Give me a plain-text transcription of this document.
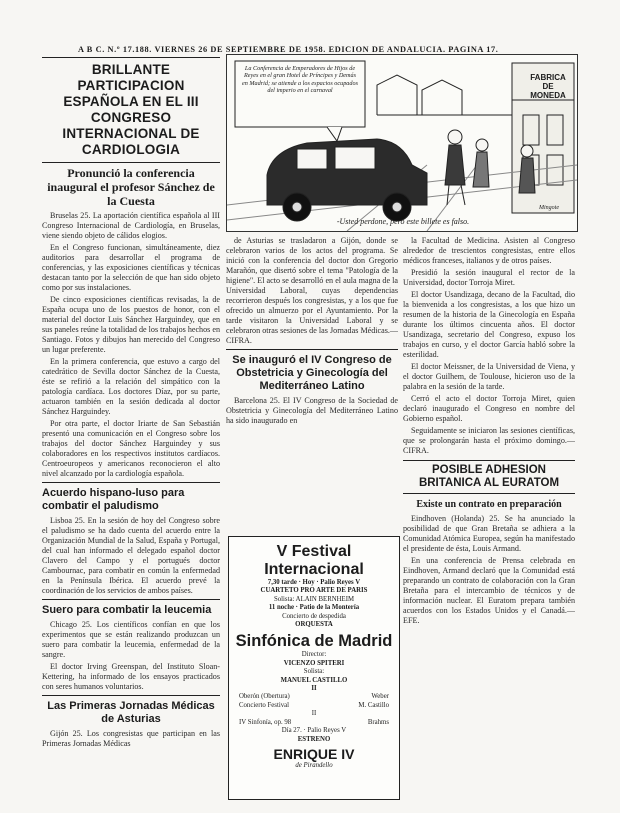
A B C. N.º 17.188. VIERNES 26 DE SEPTIEMBRE DE 1958. EDICION DE ANDALUCIA. PAGINA 17.
BRILLANTE PARTICIPACION ESPAÑOLA EN EL III CONGRESO INTERNACIONAL DE CARDIOLOGIA
Pronunció la conferencia inaugural el profesor Sánchez de la Cuesta

Bruselas 25. La aportación científica española al III Congreso Internacional de Cardiología, en Bruselas, viene siendo objeto de cálidos elogios.

En el Congreso funcionan, simultáneamente, diez auditorios para desarrollar el programa de conferencias, y las exposiciones científicas y técnicas destacan tanto por la selección de que han sido objeto como por sus instalaciones.

De cinco exposiciones científicas revisadas, la de España ocupa uno de los puestos de honor, con el material del doctor Luis Sánchez Harguindey, que en sus paneles reúne la totalidad de los trabajos hechos en Santiago. Fotos y dibujos han merecido del Congreso un lugar preferente.

En la primera conferencia, que estuvo a cargo del catedrático de Sevilla doctor Sánchez de la Cuesta, éste se refirió a la relación del simpático con la patología cardíaca. Los doctores Díaz, por su parte, actuaron también en la sesión dedicada al doctor Sánchez Harguindey.

Por otra parte, el doctor Iriarte de San Sebastián presentó una comunicación en el Congreso sobre los trabajos del doctor Sánchez Harguindey y sus colaboradores en los respectivos institutos cardíacos. Centroeuropeos y americanos reconocieron el alto nivel alcanzado por la cardiología española.

Acuerdo hispano-luso para combatir el paludismo

Lisboa 25. En la sesión de hoy del Congreso sobre el paludismo se ha dado cuenta del acuerdo entre la Organización Mundial de la Salud, España y Portugal, del cual han informado el delegado español doctor Clavero del Campo y el portugués doctor Cambournac, para combatir en común la enfermedad en la Península Ibérica. El acuerdo prevé la coordinación de los servicios de ambos países.

Suero para combatir la leucemia

Chicago 25. Los científicos confían en que los experimentos que se están realizando produzcan un suero para combatir la leucemia, enfermedad de la sangre.

El doctor Irving Greenspan, del Instituto Sloan-Kettering, ha informado de los ensayos practicados con seres humanos voluntarios.

Las Primeras Jornadas Médicas de Asturias

Gijón 25. Los congresistas que participan en las Primeras Jornadas Médicas

La Conferencia de Emperadores de Hijos de Reyes en el gran Hotel de Príncipes y Demás en Madrid; se atiende a los espacios ocupados del imperio en el carnaval
FABRICA DE MONEDA
Mingote
-Usted perdone, pero este billete es falso.

de Asturias se trasladaron a Gijón, donde se celebraron varios de los actos del programa. Se inició con la conferencia del doctor don Gregorio Marañón, que disertó sobre el tema "Patología de la higiene". El acto se desarrolló en el aula magna de la Universidad Laboral, cuyas dependencias recorrieron después los congresistas, y a los que fue ofrecido un almuerzo por el Ayuntamiento. Por la tarde visitaron la Universidad Laboral y se celebraron otras sesiones de las Jornadas Médicas.—CIFRA.

Se inauguró el IV Congreso de Obstetricia y Ginecología del Mediterráneo Latino

Barcelona 25. El IV Congreso de la Sociedad de Obstetricia y Ginecología del Mediterráneo Latino ha sido inaugurado en

V Festival Internacional
7,30 tarde · Hoy · Palio Reyes V
CUARTETO PRO ARTE DE PARIS
Solista: ALAIN BERNHEIM
11 noche · Patio de la Montería
Concierto de despedida
ORQUESTA
Sinfónica de Madrid
Director:
VICENZO SPITERI
Solista:
MANUEL CASTILLO
II
Oberón (Obertura)	Weber
Concierto Festival	M. Castillo
II
IV Sinfonía, op. 98	Brahms
Día 27. · Palio Reyes V
ESTRENO
ENRIQUE IV
de Pirandello

la Facultad de Medicina. Asisten al Congreso alrededor de trescientos congresistas, entre ellos médicos franceses, italianos y de otros países.

Presidió la sesión inaugural el rector de la Universidad, doctor Torroja Miret.

El doctor Usandizaga, decano de la Facultad, dio la bienvenida a los congresistas, a los que hizo un resumen de la historia de la Ginecología en España durante los últimos cincuenta años. El doctor Usandizaga, secretario del Congreso, expuso los trabajos en curso, y el doctor García habló sobre la esterilidad.

El doctor Meissner, de la Universidad de Viena, y el doctor Guilhem, de Toulouse, hicieron uso de la palabra en la sesión de la tarde.

Cerró el acto el doctor Torroja Miret, quien declaró inaugurado el Congreso en nombre del Gobierno español.

Seguidamente se iniciaron las sesiones científicas, que se prolongarán hasta el próximo domingo.—CIFRA.

POSIBLE ADHESION BRITANICA AL EURATOM
Existe un contrato en preparación

Eindhoven (Holanda) 25. Se ha anunciado la posibilidad de que Gran Bretaña se adhiera a la Comunidad Atómica Europea, según ha manifestado el presidente de ésta, Louis Armand.

En una conferencia de Prensa celebrada en Eindhoven, Armand declaró que la Comunidad está preparando un contrato de colaboración con la Gran Bretaña para el intercambio de técnicos y de información nuclear. El Euratom prepara también acuerdos con los Estados Unidos y el Canadá.—EFE.
